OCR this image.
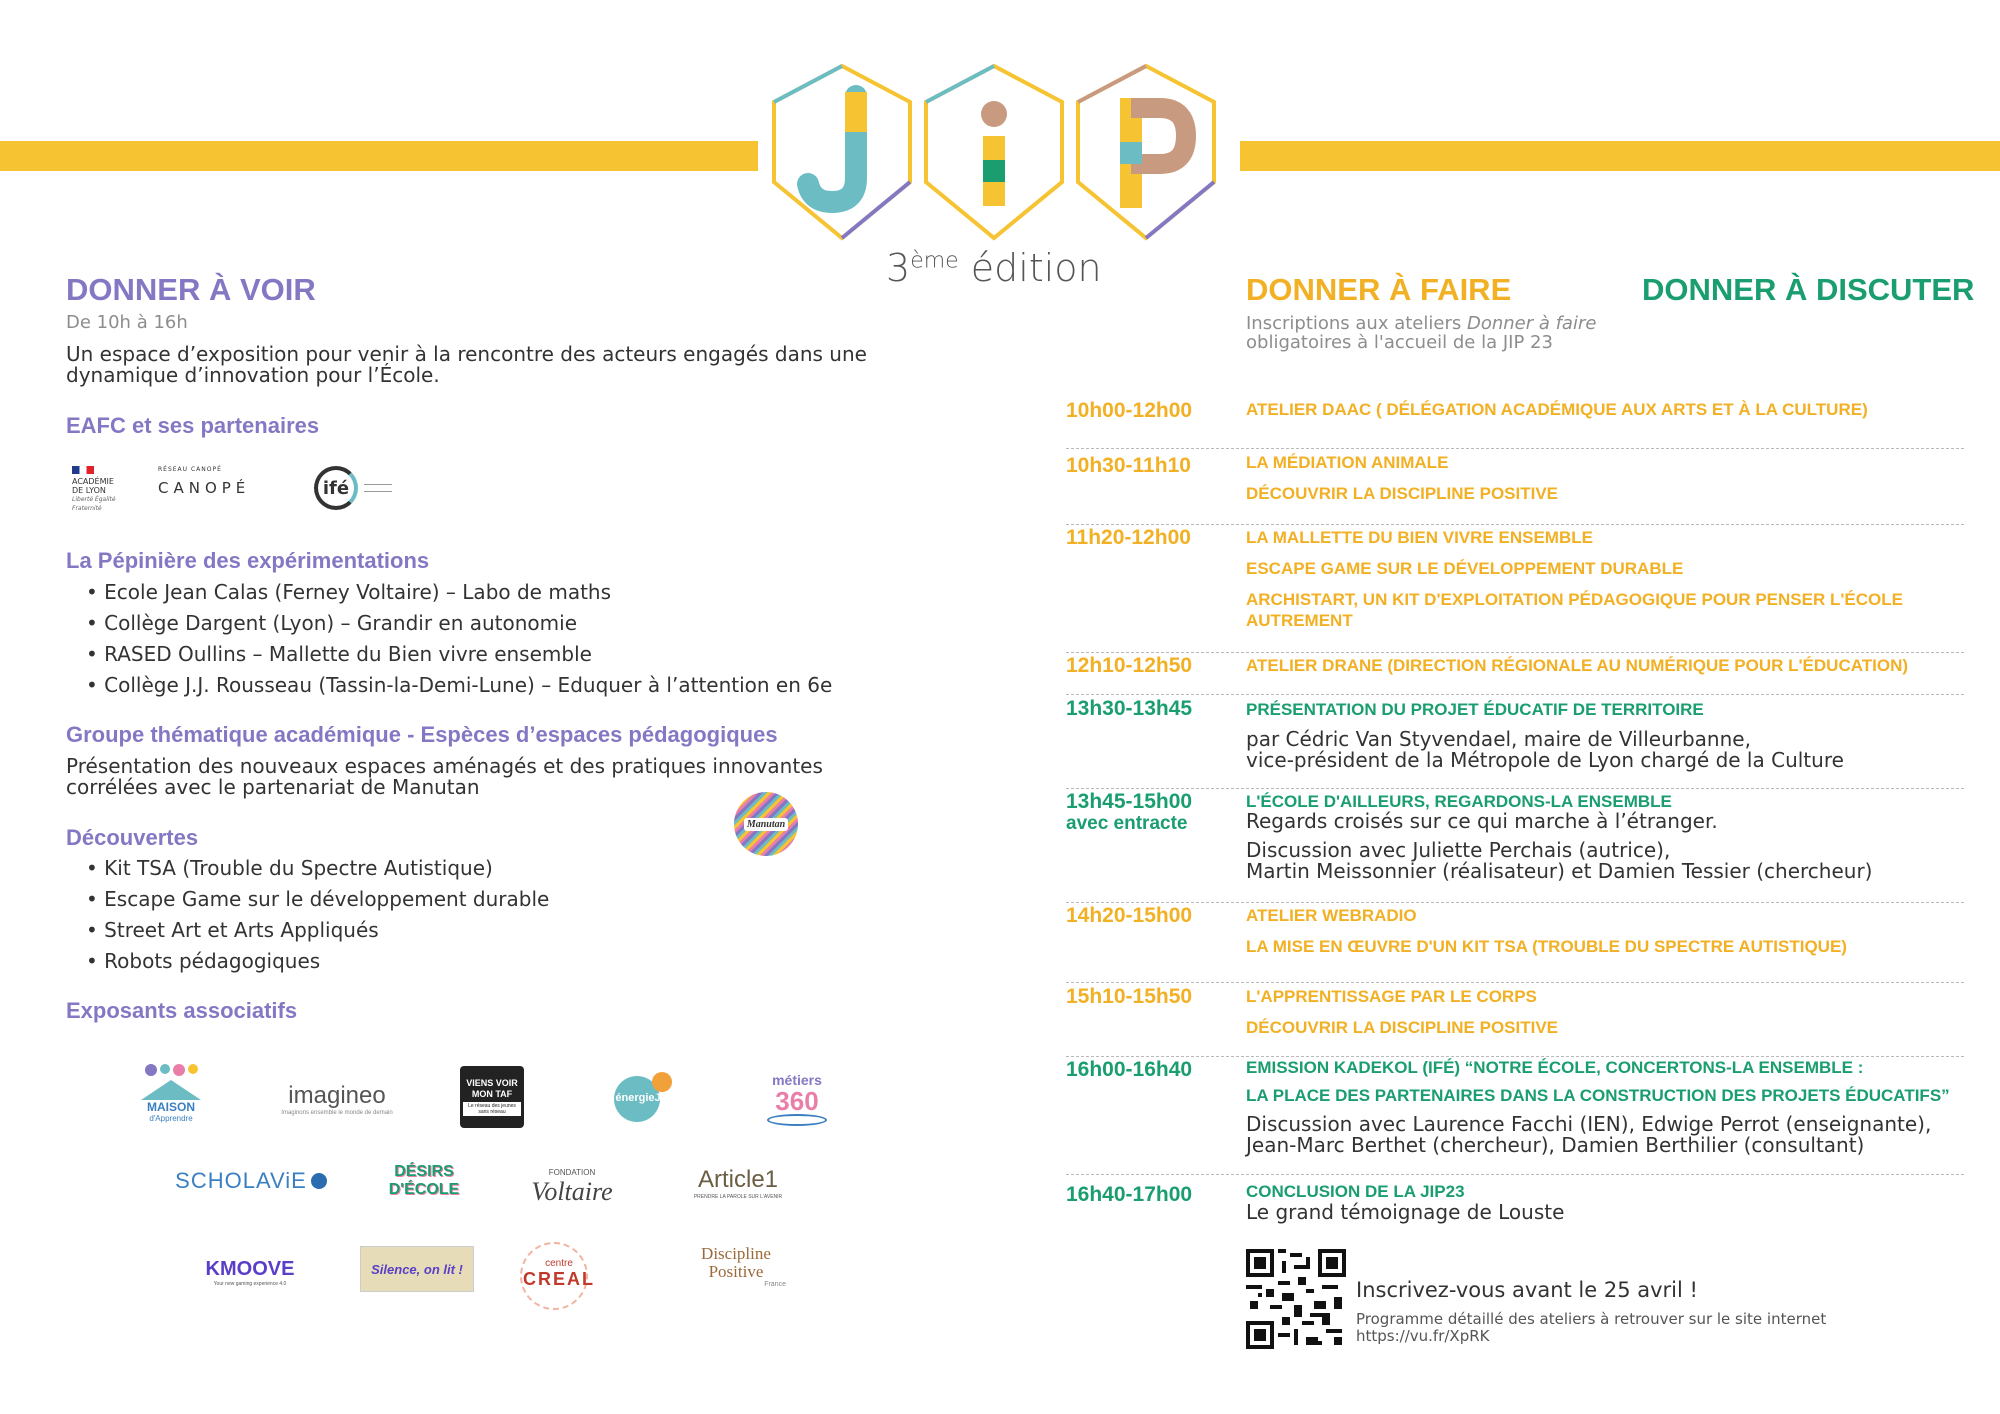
3ème édition
DONNER À VOIR
De 10h à 16h
Un espace d’exposition pour venir à la rencontre des acteurs engagés dans une dynamique d’innovation pour l’École.
EAFC et ses partenaires
ACADÉMIE
DE LYON
Liberté Égalité Fraternité
RÉSEAU CANOPÉ
CANOPÉ	ifé
La Pépinière des expérimentations
• Ecole Jean Calas (Ferney Voltaire) – Labo de maths
• Collège Dargent (Lyon) – Grandir en autonomie
• RASED Oullins – Mallette du Bien vivre ensemble
• Collège J.J. Rousseau (Tassin-la-Demi-Lune) – Eduquer à l’attention en 6e
Groupe thématique académique - Espèces d’espaces pédagogiques
Présentation des nouveaux espaces aménagés et des pratiques innovantes corrélées avec le partenariat de Manutan
Manutan
Découvertes
• Kit TSA (Trouble du Spectre Autistique)
• Escape Game sur le développement durable
• Street Art et Arts Appliqués
• Robots pédagogiques
Exposants associatifs
MAISON
d'Apprendre
imagineo
Imaginons ensemble le monde de demain
VIENS VOIR MON TAF
Le réseau des jeunes sans réseau
énergieJEUNES
métiers
360
SCHOLAViE	DÉSIRS D'ÉCOLE
FONDATION
Voltaire	Article1
PRENDRE LA PAROLE SUR L'AVENIR
KMOOVE
Your new gaming experience 4.0
Silence, on lit !	centre
CREAL
Discipline Positive
France
DONNER À FAIRE
Inscriptions aux ateliers Donner à faire
obligatoires à l'accueil de la JIP 23
DONNER À DISCUTER
10h00-12h00	ATELIER DAAC ( DÉLÉGATION ACADÉMIQUE AUX ARTS ET À LA CULTURE)
10h30-11h10	LA MÉDIATION ANIMALE
DÉCOUVRIR LA DISCIPLINE POSITIVE
11h20-12h00	LA MALLETTE DU BIEN VIVRE ENSEMBLE
ESCAPE GAME SUR LE DÉVELOPPEMENT DURABLE
ARCHISTART, UN KIT D'EXPLOITATION PÉDAGOGIQUE POUR PENSER L'ÉCOLE AUTREMENT
12h10-12h50	ATELIER DRANE (DIRECTION RÉGIONALE AU NUMÉRIQUE POUR L'ÉDUCATION)
13h30-13h45	PRÉSENTATION DU PROJET ÉDUCATIF DE TERRITOIRE
par Cédric Van Styvendael, maire de Villeurbanne,
vice-président de la Métropole de Lyon chargé de la Culture
13h45-15h00
avec entracte
L'ÉCOLE D'AILLEURS, REGARDONS-LA ENSEMBLE
Regards croisés sur ce qui marche à l’étranger.
Discussion avec Juliette Perchais (autrice),
Martin Meissonnier (réalisateur) et Damien Tessier (chercheur)
14h20-15h00	ATELIER WEBRADIO
LA MISE EN ŒUVRE D'UN KIT TSA (TROUBLE DU SPECTRE AUTISTIQUE)
15h10-15h50	L'APPRENTISSAGE PAR LE CORPS
DÉCOUVRIR LA DISCIPLINE POSITIVE
16h00-16h40	EMISSION KADEKOL (IFÉ) “NOTRE ÉCOLE, CONCERTONS-LA ENSEMBLE :
LA PLACE DES PARTENAIRES DANS LA CONSTRUCTION DES PROJETS ÉDUCATIFS”
Discussion avec Laurence Facchi (IEN), Edwige Perrot (enseignante),
Jean-Marc Berthet (chercheur), Damien Berthilier (consultant)
16h40-17h00	CONCLUSION DE LA JIP23
Le grand témoignage de Louste
Inscrivez-vous avant le 25 avril !
Programme détaillé des ateliers à retrouver sur le site internet
https://vu.fr/XpRK
